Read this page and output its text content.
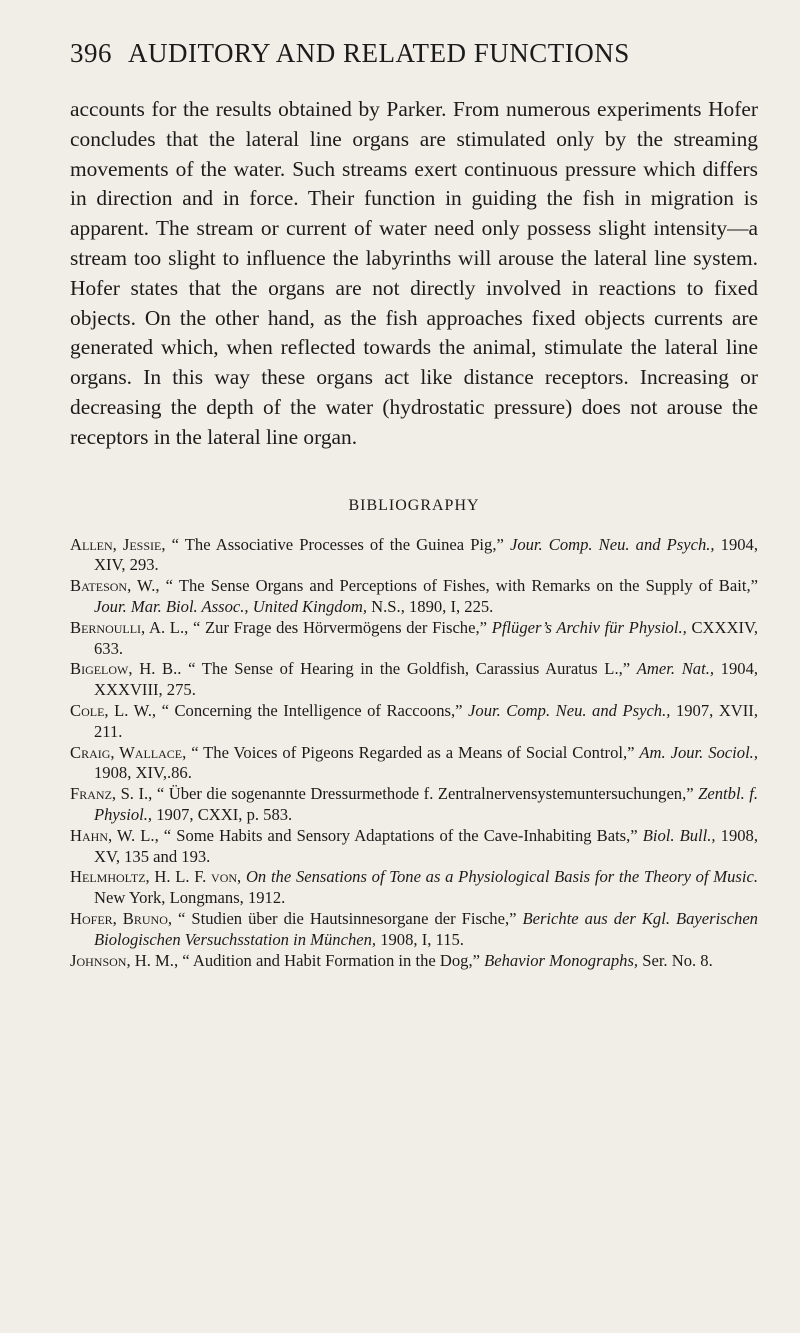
396 AUDITORY AND RELATED FUNCTIONS

accounts for the results obtained by Parker. From numerous experiments Hofer concludes that the lateral line organs are stimulated only by the streaming movements of the water. Such streams exert continuous pressure which differs in direction and in force. Their function in guiding the fish in migration is apparent. The stream or current of water need only possess slight intensity—a stream too slight to influence the labyrinths will arouse the lateral line system. Hofer states that the organs are not directly involved in reactions to fixed objects. On the other hand, as the fish approaches fixed objects currents are generated which, when reflected towards the animal, stimulate the lateral line organs. In this way these organs act like distance receptors. Increasing or decreasing the depth of the water (hydrostatic pressure) does not arouse the receptors in the lateral line organ.

BIBLIOGRAPHY
Allen, Jessie, “ The Associative Processes of the Guinea Pig,” Jour. Comp. Neu. and Psych., 1904, XIV, 293.
Bateson, W., “ The Sense Organs and Perceptions of Fishes, with Remarks on the Supply of Bait,” Jour. Mar. Biol. Assoc., United Kingdom, N.S., 1890, I, 225.
Bernoulli, A. L., “ Zur Frage des Hörvermögens der Fische,” Pflüger’s Archiv für Physiol., CXXXIV, 633.
Bigelow, H. B.. “ The Sense of Hearing in the Goldfish, Carassius Auratus L.,” Amer. Nat., 1904, XXXVIII, 275.
Cole, L. W., “ Concerning the Intelligence of Raccoons,” Jour. Comp. Neu. and Psych., 1907, XVII, 211.
Craig, Wallace, “ The Voices of Pigeons Regarded as a Means of Social Control,” Am. Jour. Sociol., 1908, XIV,.86.
Franz, S. I., “ Über die sogenannte Dressurmethode f. Zentralnervensystemuntersuchungen,” Zentbl. f. Physiol., 1907, CXXI, p. 583.
Hahn, W. L., “ Some Habits and Sensory Adaptations of the Cave-Inhabiting Bats,” Biol. Bull., 1908, XV, 135 and 193.
Helmholtz, H. L. F. von, On the Sensations of Tone as a Physiological Basis for the Theory of Music. New York, Longmans, 1912.
Hofer, Bruno, “ Studien über die Hautsinnesorgane der Fische,” Berichte aus der Kgl. Bayerischen Biologischen Versuchsstation in München, 1908, I, 115.
Johnson, H. M., “ Audition and Habit Formation in the Dog,” Behavior Monographs, Ser. No. 8.
